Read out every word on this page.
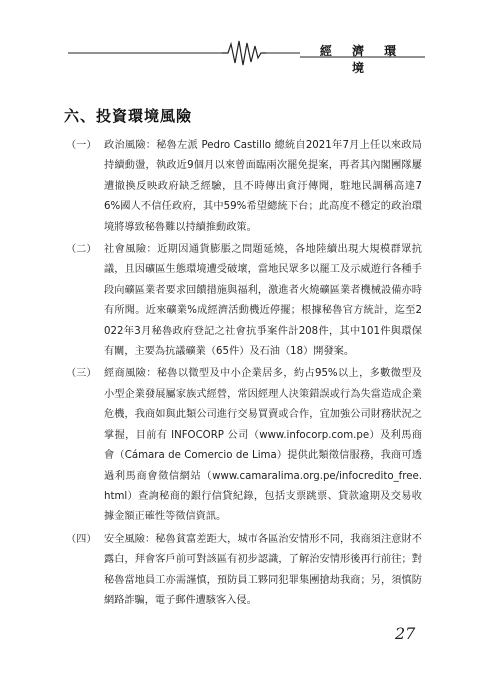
經 濟 環 境
六、投資環境風險
（一） 政治風險：秘魯左派 Pedro Castillo 總統自2021年7月上任以來政局持續動盪，執政近9個月以來曾面臨兩次罷免提案，再者其內閣團隊屢遭撤換反映政府缺乏經驗，且不時傳出貪汙傳聞，駐地民調稱高達76%國人不信任政府，其中59%希望總統下台；此高度不穩定的政治環境將導致秘魯難以持續推動政策。
（二） 社會風險：近期因通貨膨脹之問題延燒，各地陸續出現大規模群眾抗議，且因礦區生態環境遭受破壞，當地民眾多以罷工及示威遊行各種手段向礦區業者要求回饋措施與福利，激進者火燒礦區業者機械設備亦時有所聞。近來礦業%成經濟活動機近停擺；根據秘魯官方統計，迄至2022年3月秘魯政府登記之社會抗爭案件計208件，其中101件與環保有關，主要為抗議礦業（65件）及石油（18）開發案。
（三） 經商風險：秘魯以微型及中小企業居多，約占95%以上，多數微型及小型企業發展屬家族式經營，常因經理人決策錯誤或行為失當造成企業危機，我商如與此類公司進行交易買賣或合作，宜加強公司財務狀況之掌握，目前有 INFOCORP 公司（www.infocorp.com.pe）及利馬商會（Cámara de Comercio de Lima）提供此類徵信服務，我商可透過利馬商會徵信網站（www.camaralima.org.pe/infocredito_free.html）查詢秘商的銀行信貸紀錄，包括支票跳票、貸款逾期及交易收據金額正確性等徵信資訊。
（四） 安全風險：秘魯貧富差距大，城市各區治安情形不同，我商須注意財不露白，拜會客戶前可對該區有初步認識，了解治安情形後再行前往；對秘魯當地員工亦需謹慎，預防員工夥同犯罪集團搶劫我商；另，須慎防網路詐騙，電子郵件遭駭客入侵。
27
